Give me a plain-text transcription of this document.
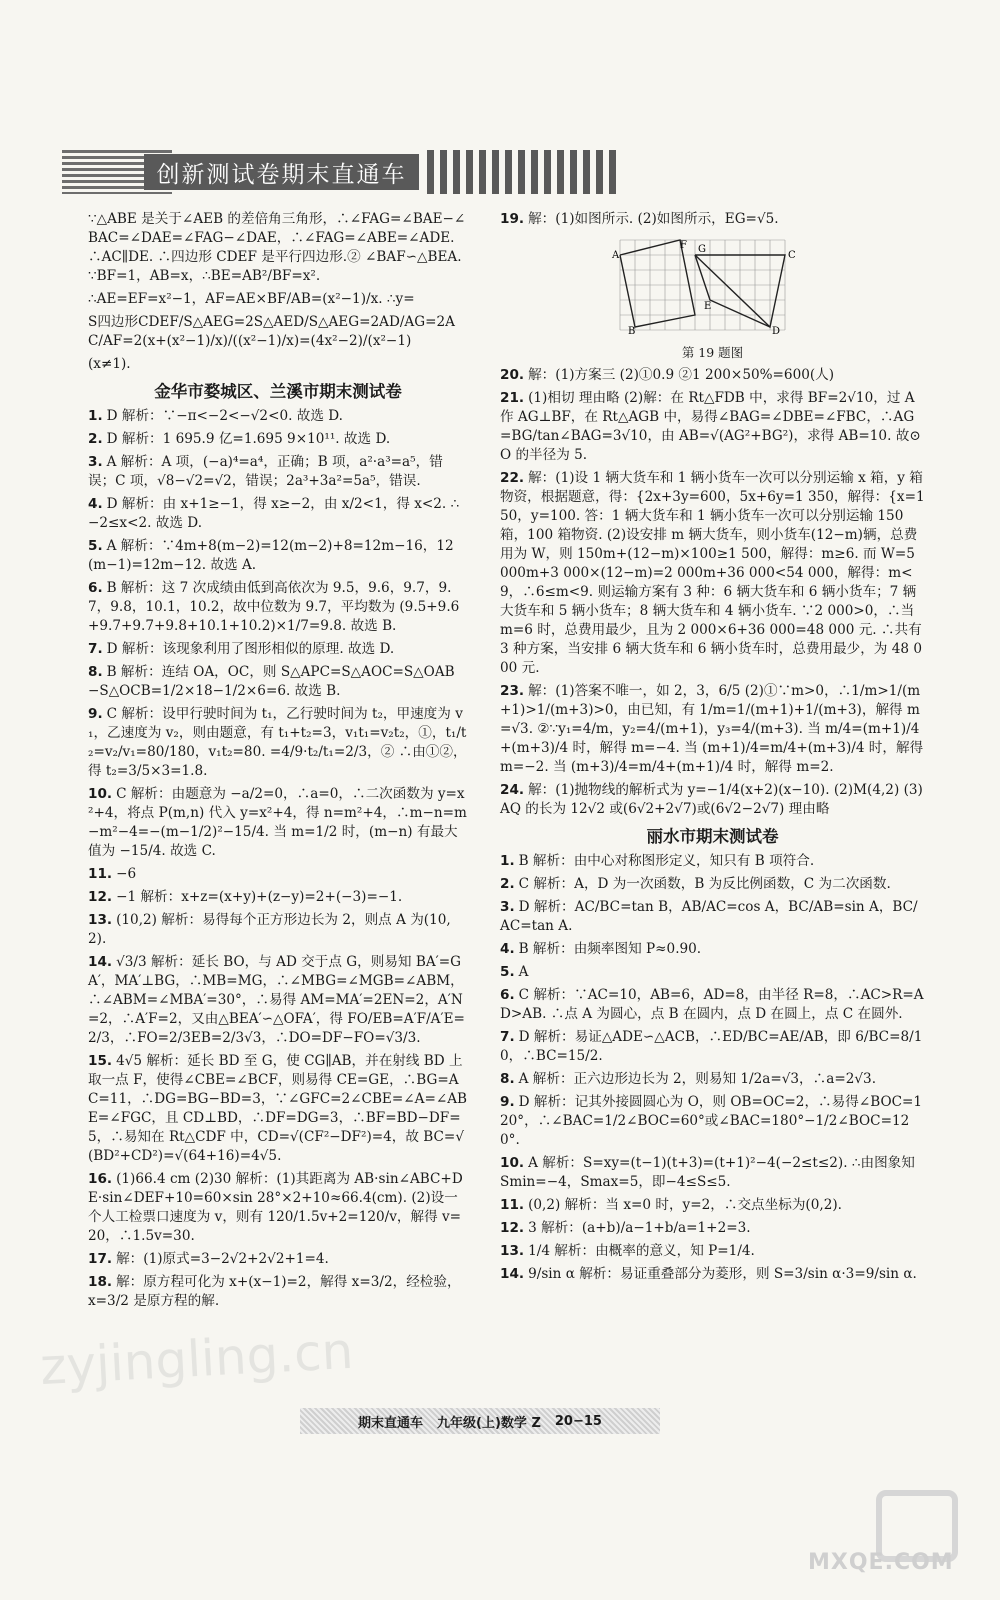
创新测试卷期末直通车
∵△ABE 是关于∠AEB 的差倍角三角形，∴∠FAG=∠BAE−∠BAC=∠DAE=∠FAG−∠DAE，∴∠FAG=∠ABE=∠ADE. ∴AC∥DE. ∴四边形 CDEF 是平行四边形.② ∠BAF∽△BEA. ∵BF=1，AB=x，∴BE=AB²/BF=x².
∴AE=EF=x²−1，AF=AE×BF/AB=(x²−1)/x. ∴y=
S四边形CDEF/S△AEG=2S△AED/S△AEG=2AD/AG=2AC/AF=2(x+(x²−1)/x)/((x²−1)/x)=(4x²−2)/(x²−1)
(x≠1).
金华市婺城区、兰溪市期末测试卷
1. D 解析：∵−π<−2<−√2<0. 故选 D.
2. D 解析：1 695.9 亿=1.695 9×10¹¹. 故选 D.
3. A 解析：A 项，(−a)⁴=a⁴，正确；B 项，a²·a³=a⁵，错误；C 项，√8−√2=√2，错误；2a³+3a²=5a⁵，错误.
4. D 解析：由 x+1≥−1，得 x≥−2，由 x/2<1，得 x<2. ∴−2≤x<2. 故选 D.
5. A 解析：∵4m+8(m−2)=12(m−2)+8=12m−16，12(m−1)=12m−12. 故选 A.
6. B 解析：这 7 次成绩由低到高依次为 9.5，9.6，9.7，9.7，9.8，10.1，10.2，故中位数为 9.7，平均数为 (9.5+9.6+9.7+9.7+9.8+10.1+10.2)×1/7=9.8. 故选 B.
7. D 解析：该现象利用了图形相似的原理. 故选 D.
8. B 解析：连结 OA，OC，则 S△APC=S△AOC=S△OAB−S△OCB=1/2×18−1/2×6=6. 故选 B.
9. C 解析：设甲行驶时间为 t₁，乙行驶时间为 t₂，甲速度为 v₁，乙速度为 v₂，则由题意，有 t₁+t₂=3，v₁t₁=v₂t₂，①，t₁/t₂=v₂/v₁=80/180，v₁t₂=80. =4/9·t₂/t₁=2/3，② ∴由①②，得 t₂=3/5×3=1.8.
10. C 解析：由题意为 −a/2=0，∴a=0，∴二次函数为 y=x²+4，将点 P(m,n) 代入 y=x²+4，得 n=m²+4，∴m−n=m−m²−4=−(m−1/2)²−15/4. 当 m=1/2 时，(m−n) 有最大值为 −15/4. 故选 C.
11. −6
12. −1 解析：x+z=(x+y)+(z−y)=2+(−3)=−1.
13. (10,2) 解析：易得每个正方形边长为 2，则点 A 为(10,2).
14. √3/3 解析：延长 BO，与 AD 交于点 G，则易知 BA′=GA′，MA′⊥BG，∴MB=MG，∴∠MBG=∠MGB=∠ABM，∴∠ABM=∠MBA′=30°，∴易得 AM=MA′=2EN=2，A′N=2，∴A′F=2，又由△BEA′∽△OFA′，得 FO/EB=A′F/A′E=2/3，∴FO=2/3EB=2/3√3，∴DO=DF−FO=√3/3.
15. 4√5 解析：延长 BD 至 G，使 CG∥AB，并在射线 BD 上取一点 F，使得∠CBE=∠BCF，则易得 CE=GE，∴BG=AC=11，∴DG=BG−BD=3，∵∠GFC=2∠CBE=∠A=∠ABE=∠FGC，且 CD⊥BD，∴DF=DG=3，∴BF=BD−DF=5，∴易知在 Rt△CDF 中，CD=√(CF²−DF²)=4，故 BC=√(BD²+CD²)=√(64+16)=4√5.
16. (1)66.4 cm (2)30 解析：(1)其距离为 AB·sin∠ABC+DE·sin∠DEF+10=60×sin 28°×2+10≈66.4(cm). (2)设一个人工检票口速度为 v，则有 120/1.5v+2=120/v，解得 v=20，∴1.5v=30.
17. 解：(1)原式=3−2√2+2√2+1=4.
18. 解：原方程可化为 x+(x−1)=2，解得 x=3/2，经检验，x=3/2 是原方程的解.
19. 解：(1)如图所示. (2)如图所示，EG=√5.
A
F G
C
B
E
D
第 19 题图
20. 解：(1)方案三 (2)①0.9 ②1 200×50%=600(人)
21. (1)相切 理由略 (2)解：在 Rt△FDB 中，求得 BF=2√10，过 A 作 AG⊥BF，在 Rt△AGB 中，易得∠BAG=∠DBE=∠FBC，∴AG=BG/tan∠BAG=3√10，由 AB=√(AG²+BG²)，求得 AB=10. 故⊙O 的半径为 5.
22. 解：(1)设 1 辆大货车和 1 辆小货车一次可以分别运输 x 箱，y 箱物资，根据题意，得：{2x+3y=600，5x+6y=1 350，解得：{x=150，y=100. 答：1 辆大货车和 1 辆小货车一次可以分别运输 150 箱，100 箱物资. (2)设安排 m 辆大货车，则小货车(12−m)辆，总费用为 W，则 150m+(12−m)×100≥1 500，解得：m≥6. 而 W=5 000m+3 000×(12−m)=2 000m+36 000<54 000，解得：m<9，∴6≤m<9. 则运输方案有 3 种：6 辆大货车和 6 辆小货车；7 辆大货车和 5 辆小货车；8 辆大货车和 4 辆小货车. ∵2 000>0，∴当 m=6 时，总费用最少，且为 2 000×6+36 000=48 000 元. ∴共有 3 种方案，当安排 6 辆大货车和 6 辆小货车时，总费用最少，为 48 000 元.
23. 解：(1)答案不唯一，如 2，3，6/5 (2)①∵m>0，∴1/m>1/(m+1)>1/(m+3)>0，由已知，有 1/m=1/(m+1)+1/(m+3)，解得 m=√3. ②∵y₁=4/m，y₂=4/(m+1)，y₃=4/(m+3). 当 m/4=(m+1)/4+(m+3)/4 时，解得 m=−4. 当 (m+1)/4=m/4+(m+3)/4 时，解得 m=−2. 当 (m+3)/4=m/4+(m+1)/4 时，解得 m=2.
24. 解：(1)抛物线的解析式为 y=−1/4(x+2)(x−10). (2)M(4,2) (3)AQ 的长为 12√2 或(6√2+2√7)或(6√2−2√7) 理由略
丽水市期末测试卷
1. B 解析：由中心对称图形定义，知只有 B 项符合.
2. C 解析：A，D 为一次函数，B 为反比例函数，C 为二次函数.
3. D 解析：AC/BC=tan B，AB/AC=cos A，BC/AB=sin A，BC/AC=tan A.
4. B 解析：由频率图知 P≈0.90.
5. A
6. C 解析：∵AC=10，AB=6，AD=8，由半径 R=8，∴AC>R=AD>AB. ∴点 A 为圆心，点 B 在圆内，点 D 在圆上，点 C 在圆外.
7. D 解析：易证△ADE∽△ACB，∴ED/BC=AE/AB，即 6/BC=8/10，∴BC=15/2.
8. A 解析：正六边形边长为 2，则易知 1/2a=√3，∴a=2√3.
9. D 解析：记其外接圆圆心为 O，则 OB=OC=2，∴易得∠BOC=120°，∴∠BAC=1/2∠BOC=60°或∠BAC=180°−1/2∠BOC=120°.
10. A 解析：S=xy=(t−1)(t+3)=(t+1)²−4(−2≤t≤2). ∴由图象知 Smin=−4，Smax=5，即−4≤S≤5.
11. (0,2) 解析：当 x=0 时，y=2，∴交点坐标为(0,2).
12. 3 解析：(a+b)/a−1+b/a=1+2=3.
13. 1/4 解析：由概率的意义，知 P=1/4.
14. 9/sin α 解析：易证重叠部分为菱形，则 S=3/sin α·3=9/sin α.
zyjingling.cn
MXQE.COM
期末直通车 九年级(上)数学 Z 20−15
